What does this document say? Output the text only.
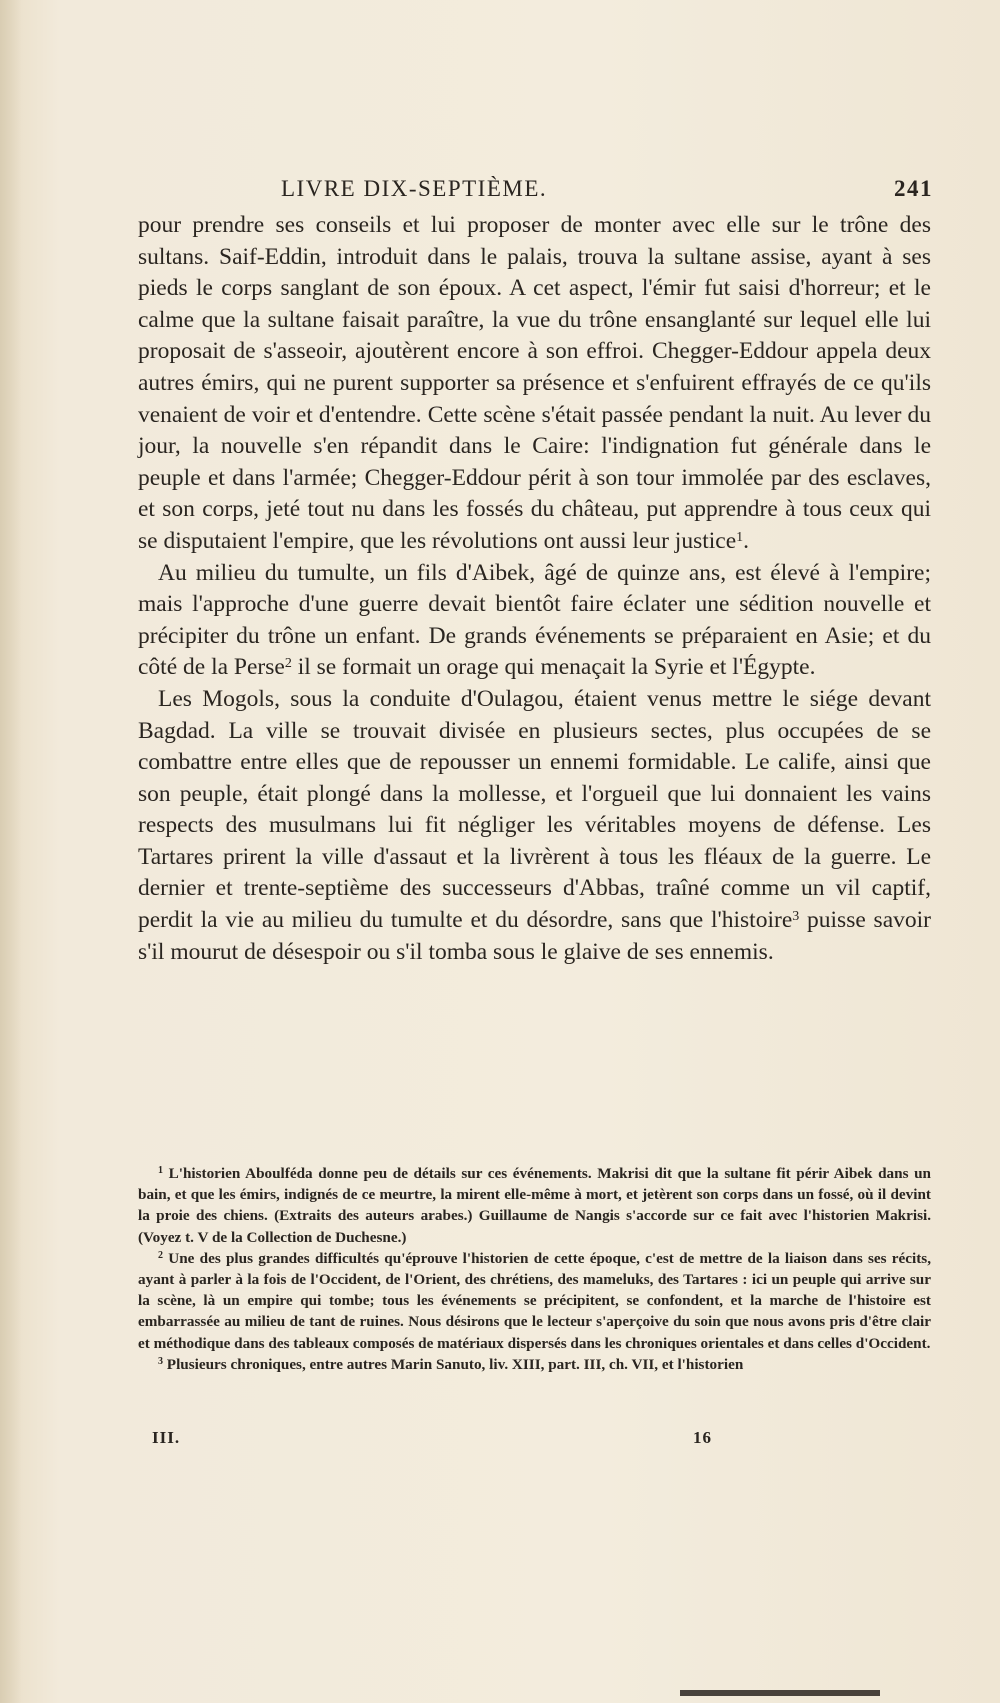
LIVRE DIX-SEPTIÈME.	241

pour prendre ses conseils et lui proposer de monter avec elle sur le trône des sultans. Saif-Eddin, introduit dans le palais, trouva la sultane assise, ayant à ses pieds le corps sanglant de son époux. A cet aspect, l'émir fut saisi d'horreur; et le calme que la sultane faisait paraître, la vue du trône ensanglanté sur lequel elle lui proposait de s'asseoir, ajoutèrent encore à son effroi. Chegger-Eddour appela deux autres émirs, qui ne purent supporter sa présence et s'enfuirent effrayés de ce qu'ils venaient de voir et d'entendre. Cette scène s'était passée pendant la nuit. Au lever du jour, la nouvelle s'en répandit dans le Caire: l'indignation fut générale dans le peuple et dans l'armée; Chegger-Eddour périt à son tour immolée par des esclaves, et son corps, jeté tout nu dans les fossés du château, put apprendre à tous ceux qui se disputaient l'empire, que les révolutions ont aussi leur justice$^1$.

Au milieu du tumulte, un fils d'Aibek, âgé de quinze ans, est élevé à l'empire; mais l'approche d'une guerre devait bientôt faire éclater une sédition nouvelle et précipiter du trône un enfant. De grands événements se préparaient en Asie; et du côté de la Perse$^2$ il se formait un orage qui menaçait la Syrie et l'Égypte.

Les Mogols, sous la conduite d'Oulagou, étaient venus mettre le siége devant Bagdad. La ville se trouvait divisée en plusieurs sectes, plus occupées de se combattre entre elles que de repousser un ennemi formidable. Le calife, ainsi que son peuple, était plongé dans la mollesse, et l'orgueil que lui donnaient les vains respects des musulmans lui fit négliger les véritables moyens de défense. Les Tartares prirent la ville d'assaut et la livrèrent à tous les fléaux de la guerre. Le dernier et trente-septième des successeurs d'Abbas, traîné comme un vil captif, perdit la vie au milieu du tumulte et du désordre, sans que l'histoire$^3$ puisse savoir s'il mourut de désespoir ou s'il tomba sous le glaive de ses ennemis.

$^1$ L'historien Aboulféda donne peu de détails sur ces événements. Makrisi dit que la sultane fit périr Aibek dans un bain, et que les émirs, indignés de ce meurtre, la mirent elle-même à mort, et jetèrent son corps dans un fossé, où il devint la proie des chiens. (Extraits des auteurs arabes.) Guillaume de Nangis s'accorde sur ce fait avec l'historien Makrisi. (Voyez t. V de la Collection de Duchesne.)

$^2$ Une des plus grandes difficultés qu'éprouve l'historien de cette époque, c'est de mettre de la liaison dans ses récits, ayant à parler à la fois de l'Occident, de l'Orient, des chrétiens, des mameluks, des Tartares : ici un peuple qui arrive sur la scène, là un empire qui tombe; tous les événements se précipitent, se confondent, et la marche de l'histoire est embarrassée au milieu de tant de ruines. Nous désirons que le lecteur s'aperçoive du soin que nous avons pris d'être clair et méthodique dans des tableaux composés de matériaux dispersés dans les chroniques orientales et dans celles d'Occident.

$^3$ Plusieurs chroniques, entre autres Marin Sanuto, liv. XIII, part. III, ch. VII, et l'historien

III.	16
